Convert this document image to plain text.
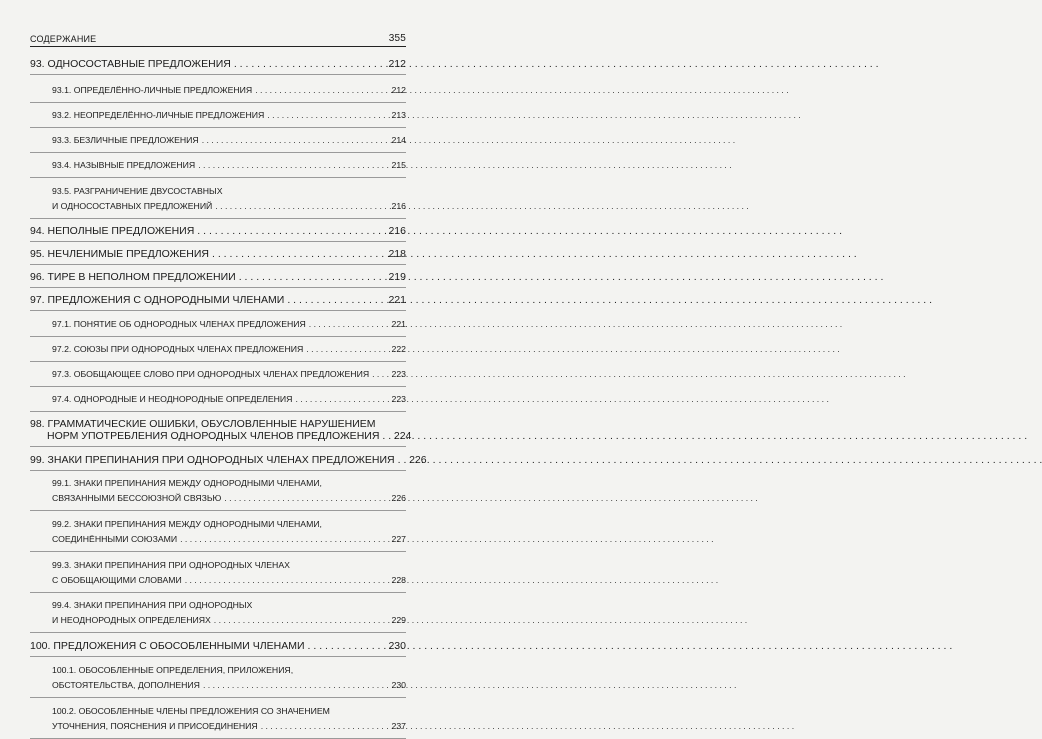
СОДЕРЖАНИЕ	355
93. ОДНОСОСТАВНЫЕ ПРЕДЛОЖЕНИЯ . . .	212
93.1. ОПРЕДЕЛЁННО-ЛИЧНЫЕ ПРЕДЛОЖЕНИЯ . . .	212
93.2. НЕОПРЕДЕЛЁННО-ЛИЧНЫЕ ПРЕДЛОЖЕНИЯ . . .	213
93.3. БЕЗЛИЧНЫЕ ПРЕДЛОЖЕНИЯ . . .	214
93.4. НАЗЫВНЫЕ ПРЕДЛОЖЕНИЯ . . .	215
93.5. РАЗГРАНИЧЕНИЕ ДВУСОСТАВНЫХ
И ОДНОСОСТАВНЫХ ПРЕДЛОЖЕНИЙ . . .	216
94. НЕПОЛНЫЕ ПРЕДЛОЖЕНИЯ . . .	216
95. НЕЧЛЕНИМЫЕ ПРЕДЛОЖЕНИЯ . . .	218
96. ТИРЕ В НЕПОЛНОМ ПРЕДЛОЖЕНИИ . . .	219
97. ПРЕДЛОЖЕНИЯ С ОДНОРОДНЫМИ ЧЛЕНАМИ . . .	221
97.1. ПОНЯТИЕ ОБ ОДНОРОДНЫХ ЧЛЕНАХ ПРЕДЛОЖЕНИЯ . . .	221
97.2. СОЮЗЫ ПРИ ОДНОРОДНЫХ ЧЛЕНАХ ПРЕДЛОЖЕНИЯ . . .	222
97.3. ОБОБЩАЮЩЕЕ СЛОВО ПРИ ОДНОРОДНЫХ ЧЛЕНАХ ПРЕДЛОЖЕНИЯ . . .	223
97.4. ОДНОРОДНЫЕ И НЕОДНОРОДНЫЕ ОПРЕДЕЛЕНИЯ . . .	223
98. ГРАММАТИЧЕСКИЕ ОШИБКИ, ОБУСЛОВЛЕННЫЕ НАРУШЕНИЕМ
НОРМ УПОТРЕБЛЕНИЯ ОДНОРОДНЫХ ЧЛЕНОВ ПРЕДЛОЖЕНИЯ . . . 224
99. ЗНАКИ ПРЕПИНАНИЯ ПРИ ОДНОРОДНЫХ ЧЛЕНАХ ПРЕДЛОЖЕНИЯ . . . 226
99.1. ЗНАКИ ПРЕПИНАНИЯ МЕЖДУ ОДНОРОДНЫМИ ЧЛЕНАМИ,
СВЯЗАННЫМИ БЕССОЮЗНОЙ СВЯЗЬЮ . . .	226
99.2. ЗНАКИ ПРЕПИНАНИЯ МЕЖДУ ОДНОРОДНЫМИ ЧЛЕНАМИ,
СОЕДИНЁННЫМИ СОЮЗАМИ . . .	227
99.3. ЗНАКИ ПРЕПИНАНИЯ ПРИ ОДНОРОДНЫХ ЧЛЕНАХ
С ОБОБЩАЮЩИМИ СЛОВАМИ . . .	228
99.4. ЗНАКИ ПРЕПИНАНИЯ ПРИ ОДНОРОДНЫХ
И НЕОДНОРОДНЫХ ОПРЕДЕЛЕНИЯХ . . .	229
100. ПРЕДЛОЖЕНИЯ С ОБОСОБЛЕННЫМИ ЧЛЕНАМИ . . .	230
100.1. ОБОСОБЛЕННЫЕ ОПРЕДЕЛЕНИЯ, ПРИЛОЖЕНИЯ,
ОБСТОЯТЕЛЬСТВА, ДОПОЛНЕНИЯ . . .	230
100.2. ОБОСОБЛЕННЫЕ ЧЛЕНЫ ПРЕДЛОЖЕНИЯ СО ЗНАЧЕНИЕМ
УТОЧНЕНИЯ, ПОЯСНЕНИЯ И ПРИСОЕДИНЕНИЯ . . .	237
